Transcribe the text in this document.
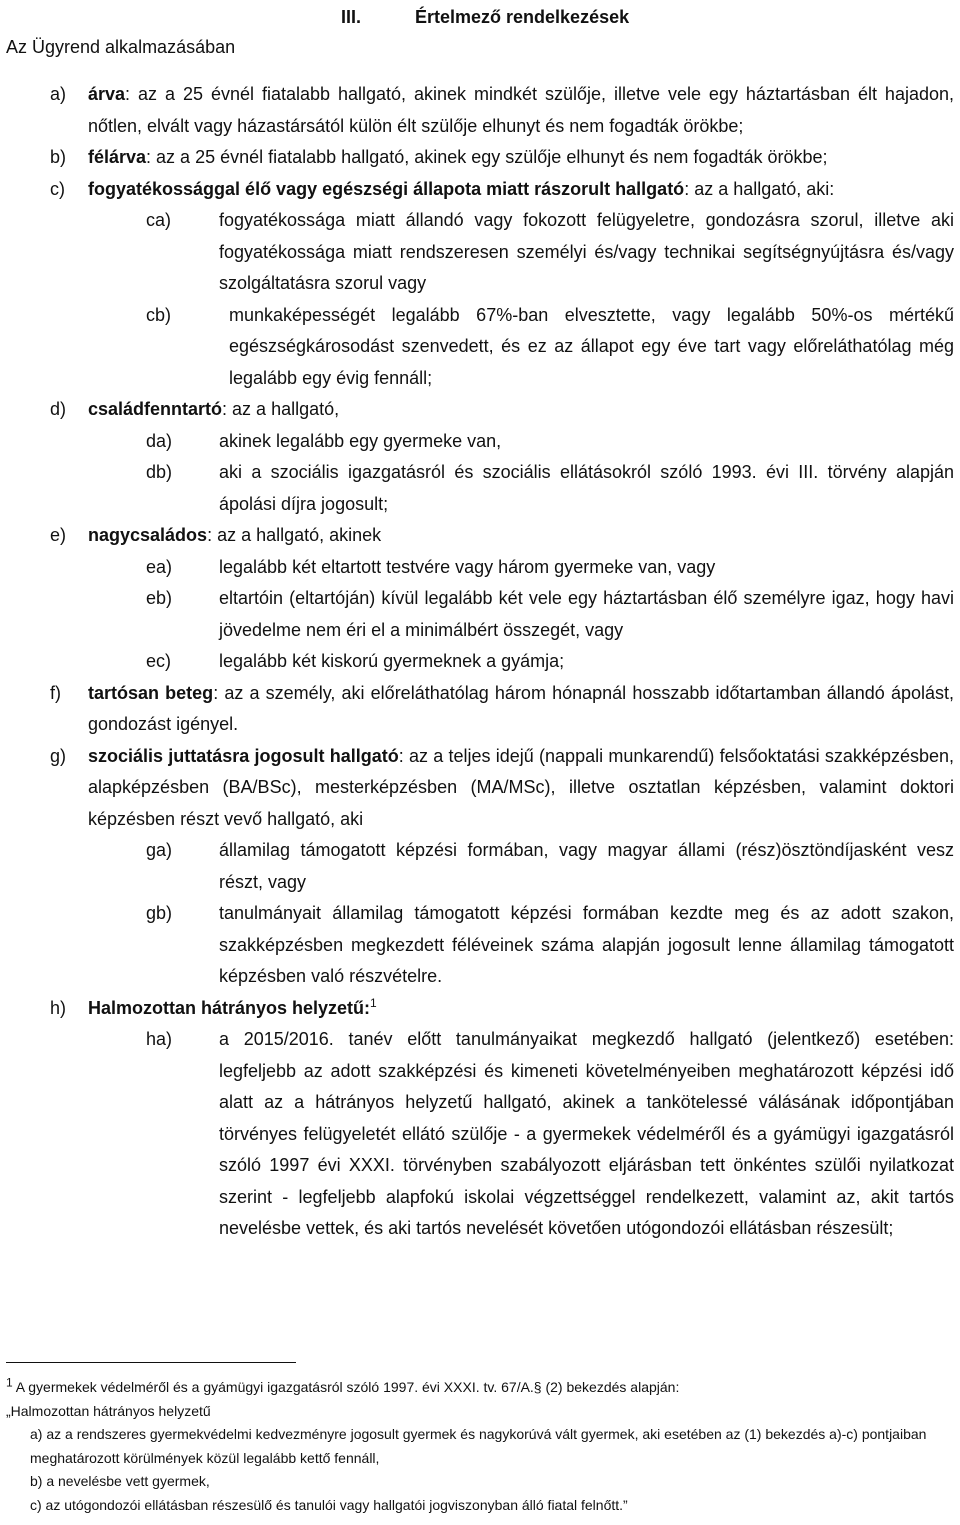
III.	Értelmező rendelkezések
Az Ügyrend alkalmazásában
a) árva: az a 25 évnél fiatalabb hallgató, akinek mindkét szülője, illetve vele egy háztartásban élt hajadon, nőtlen, elvált vagy házastársától külön élt szülője elhunyt és nem fogadták örökbe;
b) félárva: az a 25 évnél fiatalabb hallgató, akinek egy szülője elhunyt és nem fogadták örökbe;
c) fogyatékossággal élő vagy egészségi állapota miatt rászorult hallgató: az a hallgató, aki:
ca)	fogyatékossága miatt állandó vagy fokozott felügyeletre, gondozásra szorul, illetve aki fogyatékossága miatt rendszeresen személyi és/vagy technikai segítségnyújtásra és/vagy szolgáltatásra szorul vagy
cb)	munkaképességét legalább 67%-ban elvesztette, vagy legalább 50%-os mértékű egészségkárosodást szenvedett, és ez az állapot egy éve tart vagy előreláthatólag még legalább egy évig fennáll;
d) családfenntartó: az a hallgató,
da)	akinek legalább egy gyermeke van,
db)	aki a szociális igazgatásról és szociális ellátásokról szóló 1993. évi III. törvény alapján ápolási díjra jogosult;
e) nagycsaládos: az a hallgató, akinek
ea)	legalább két eltartott testvére vagy három gyermeke van, vagy
eb)	eltartóin (eltartóján) kívül legalább két vele egy háztartásban élő személyre igaz, hogy havi jövedelme nem éri el a minimálbért összegét, vagy
ec)	legalább két kiskorú gyermeknek a gyámja;
f) tartósan beteg: az a személy, aki előreláthatólag három hónapnál hosszabb időtartamban állandó ápolást, gondozást igényel.
g) szociális juttatásra jogosult hallgató: az a teljes idejű (nappali munkarendű) felsőoktatási szakképzésben, alapképzésben (BA/BSc), mesterképzésben (MA/MSc), illetve osztatlan képzésben, valamint doktori képzésben részt vevő hallgató, aki
ga)	államilag támogatott képzési formában, vagy magyar állami (rész)ösztöndíjasként vesz részt, vagy
gb)	tanulmányait államilag támogatott képzési formában kezdte meg és az adott szakon, szakképzésben megkezdett féléveinek száma alapján jogosult lenne államilag támogatott képzésben való részvételre.
h) Halmozottan hátrányos helyzetű:$^1$
ha)	a 2015/2016. tanév előtt tanulmányaikat megkezdő hallgató (jelentkező) esetében: legfeljebb az adott szakképzési és kimeneti követelményeiben meghatározott képzési idő alatt az a hátrányos helyzetű hallgató, akinek a tankötelessé válásának időpontjában törvényes felügyeletét ellátó szülője - a gyermekek védelméről és a gyámügyi igazgatásról szóló 1997 évi XXXI. törvényben szabályozott eljárásban tett önkéntes szülői nyilatkozat szerint - legfeljebb alapfokú iskolai végzettséggel rendelkezett, valamint az, akit tartós nevelésbe vettek, és aki tartós nevelését követően utógondozói ellátásban részesült;
$^1$ A gyermekek védelméről és a gyámügyi igazgatásról szóló 1997. évi XXXI. tv. 67/A.§ (2) bekezdés alapján:
„Halmozottan hátrányos helyzetű
a) az a rendszeres gyermekvédelmi kedvezményre jogosult gyermek és nagykorúvá vált gyermek, aki esetében az (1) bekezdés a)-c) pontjaiban meghatározott körülmények közül legalább kettő fennáll,
b) a nevelésbe vett gyermek,
c) az utógondozói ellátásban részesülő és tanulói vagy hallgatói jogviszonyban álló fiatal felnőtt.”
